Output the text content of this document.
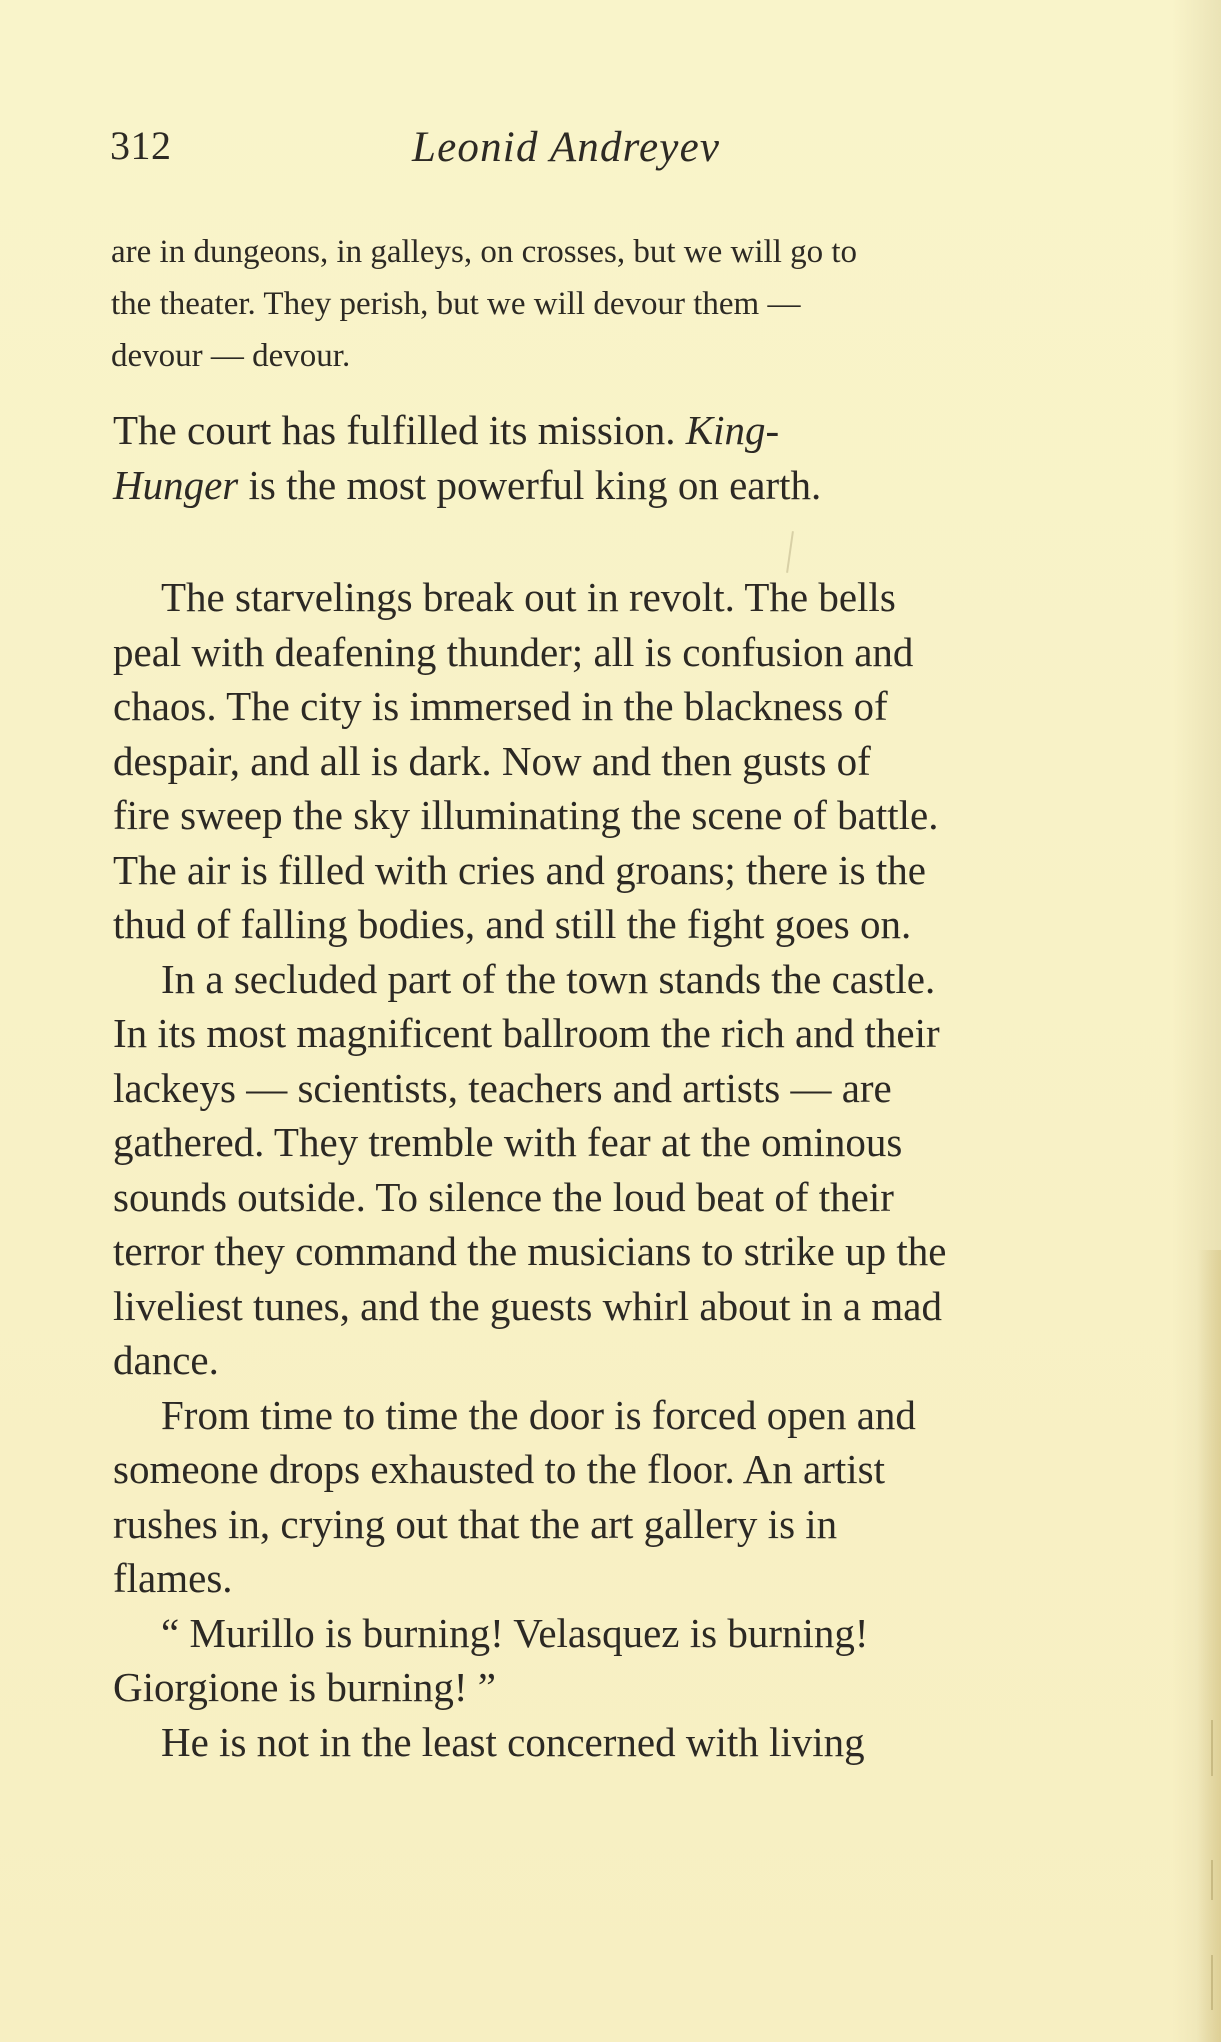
312	Leonid Andreyev
are in dungeons, in galleys, on crosses, but we will go to
the theater. They perish, but we will devour them —
devour — devour.
The court has fulfilled its mission. King-
Hunger is the most powerful king on earth.
The starvelings break out in revolt. The bells
peal with deafening thunder; all is confusion and
chaos. The city is immersed in the blackness of
despair, and all is dark. Now and then gusts of
fire sweep the sky illuminating the scene of battle.
The air is filled with cries and groans; there is the
thud of falling bodies, and still the fight goes on.
In a secluded part of the town stands the castle.
In its most magnificent ballroom the rich and their
lackeys — scientists, teachers and artists — are
gathered. They tremble with fear at the ominous
sounds outside. To silence the loud beat of their
terror they command the musicians to strike up the
liveliest tunes, and the guests whirl about in a mad
dance.
From time to time the door is forced open and
someone drops exhausted to the floor. An artist
rushes in, crying out that the art gallery is in
flames.
“ Murillo is burning! Velasquez is burning!
Giorgione is burning! ”
He is not in the least concerned with living
